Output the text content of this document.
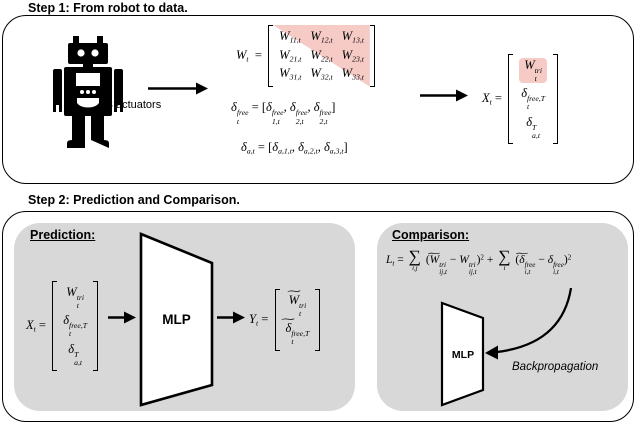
Step 1: From robot to data.
3 actuators
$W_t$  =
$W_{11,t}$ $W_{12,t}$ $W_{13,t}$
$W_{21,t}$ $W_{22,t}$ $W_{23,t}$
$W_{31,t}$ $W_{32,t}$ $W_{33,t}$
δ free
t
= [δ free
1,t
, δ free
2,t
, δ free
2,t
]
$\delta_{a,t} = [\delta_{a,1,t}$, $\delta_{a,2,t}$, $\delta_{a,3,t}$]
$X_t$ =
W tri
t
δ free,T
t
δ T
a,t
Step 2: Prediction and Comparison.
Prediction:
$X_t$ =
W tri
t
δ free,T
t
δ T
a,t
MLP	$Y_t$ =
∼
W tri
t
∼
δ free,T
t
Comparison:
$L_t$ = ∑
i,j
(
∼
W tri
ij,t
− W tri
ij,t
)$^2$ + ∑
i
(
∼
δ free
i,t
− δ free
i,t
)$^2$
MLP
Backpropagation
